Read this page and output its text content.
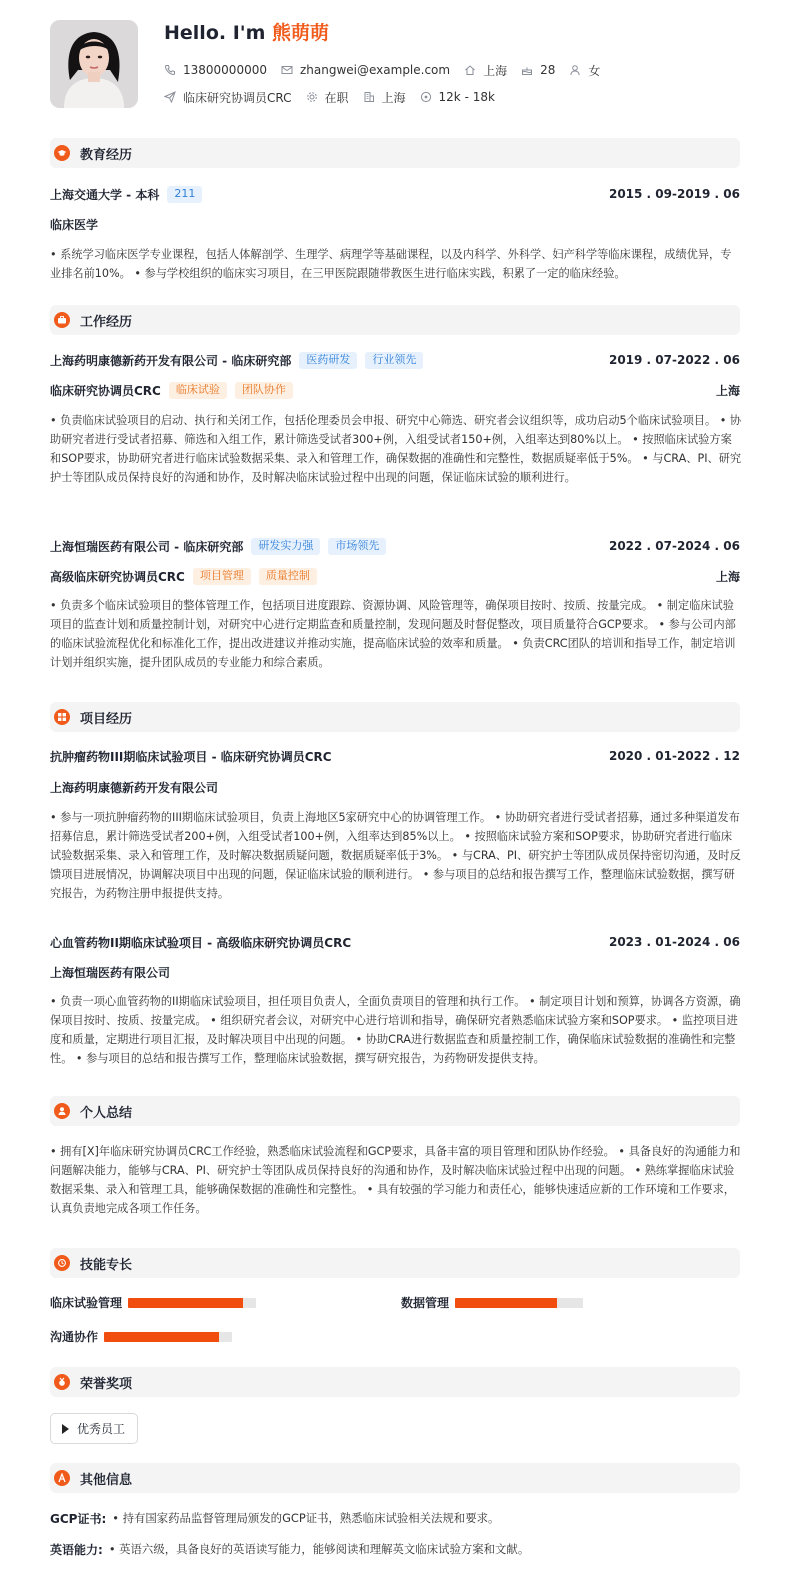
Hello. I'm 熊萌萌
13800000000	zhangwei@example.com	上海	28	女
临床研究协调员CRC	在职	上海	12k - 18k
教育经历
上海交通大学 - 本科	211	2015 . 09-2019 . 06
临床医学
• 系统学习临床医学专业课程，包括人体解剖学、生理学、病理学等基础课程，以及内科学、外科学、妇产科学等临床课程，成绩优异，专业排名前10%。 • 参与学校组织的临床实习项目，在三甲医院跟随带教医生进行临床实践，积累了一定的临床经验。
工作经历
上海药明康德新药开发有限公司 - 临床研究部	医药研发	行业领先	2019 . 07-2022 . 06
临床研究协调员CRC	临床试验	团队协作	上海
• 负责临床试验项目的启动、执行和关闭工作，包括伦理委员会申报、研究中心筛选、研究者会议组织等，成功启动5个临床试验项目。 • 协助研究者进行受试者招募、筛选和入组工作，累计筛选受试者300+例，入组受试者150+例，入组率达到80%以上。 • 按照临床试验方案和SOP要求，协助研究者进行临床试验数据采集、录入和管理工作，确保数据的准确性和完整性，数据质疑率低于5%。 • 与CRA、PI、研究护士等团队成员保持良好的沟通和协作，及时解决临床试验过程中出现的问题，保证临床试验的顺利进行。
上海恒瑞医药有限公司 - 临床研究部	研发实力强	市场领先	2022 . 07-2024 . 06
高级临床研究协调员CRC	项目管理	质量控制	上海
• 负责多个临床试验项目的整体管理工作，包括项目进度跟踪、资源协调、风险管理等，确保项目按时、按质、按量完成。 • 制定临床试验项目的监查计划和质量控制计划，对研究中心进行定期监查和质量控制，发现问题及时督促整改，项目质量符合GCP要求。 • 参与公司内部的临床试验流程优化和标准化工作，提出改进建议并推动实施，提高临床试验的效率和质量。 • 负责CRC团队的培训和指导工作，制定培训计划并组织实施，提升团队成员的专业能力和综合素质。
项目经历
抗肿瘤药物III期临床试验项目 - 临床研究协调员CRC	2020 . 01-2022 . 12
上海药明康德新药开发有限公司
• 参与一项抗肿瘤药物的III期临床试验项目，负责上海地区5家研究中心的协调管理工作。 • 协助研究者进行受试者招募，通过多种渠道发布招募信息，累计筛选受试者200+例，入组受试者100+例，入组率达到85%以上。 • 按照临床试验方案和SOP要求，协助研究者进行临床试验数据采集、录入和管理工作，及时解决数据质疑问题，数据质疑率低于3%。 • 与CRA、PI、研究护士等团队成员保持密切沟通，及时反馈项目进展情况，协调解决项目中出现的问题，保证临床试验的顺利进行。 • 参与项目的总结和报告撰写工作，整理临床试验数据，撰写研究报告，为药物注册申报提供支持。
心血管药物II期临床试验项目 - 高级临床研究协调员CRC	2023 . 01-2024 . 06
上海恒瑞医药有限公司
• 负责一项心血管药物的II期临床试验项目，担任项目负责人，全面负责项目的管理和执行工作。 • 制定项目计划和预算，协调各方资源，确保项目按时、按质、按量完成。 • 组织研究者会议，对研究中心进行培训和指导，确保研究者熟悉临床试验方案和SOP要求。 • 监控项目进度和质量，定期进行项目汇报，及时解决项目中出现的问题。 • 协助CRA进行数据监查和质量控制工作，确保临床试验数据的准确性和完整性。 • 参与项目的总结和报告撰写工作，整理临床试验数据，撰写研究报告，为药物研发提供支持。
个人总结
• 拥有[X]年临床研究协调员CRC工作经验，熟悉临床试验流程和GCP要求，具备丰富的项目管理和团队协作经验。 • 具备良好的沟通能力和问题解决能力，能够与CRA、PI、研究护士等团队成员保持良好的沟通和协作，及时解决临床试验过程中出现的问题。 • 熟练掌握临床试验数据采集、录入和管理工具，能够确保数据的准确性和完整性。 • 具有较强的学习能力和责任心，能够快速适应新的工作环境和工作要求，认真负责地完成各项工作任务。
技能专长
临床试验管理	数据管理
沟通协作
荣誉奖项
优秀员工
其他信息
GCP证书: • 持有国家药品监督管理局颁发的GCP证书，熟悉临床试验相关法规和要求。
英语能力: • 英语六级，具备良好的英语读写能力，能够阅读和理解英文临床试验方案和文献。
